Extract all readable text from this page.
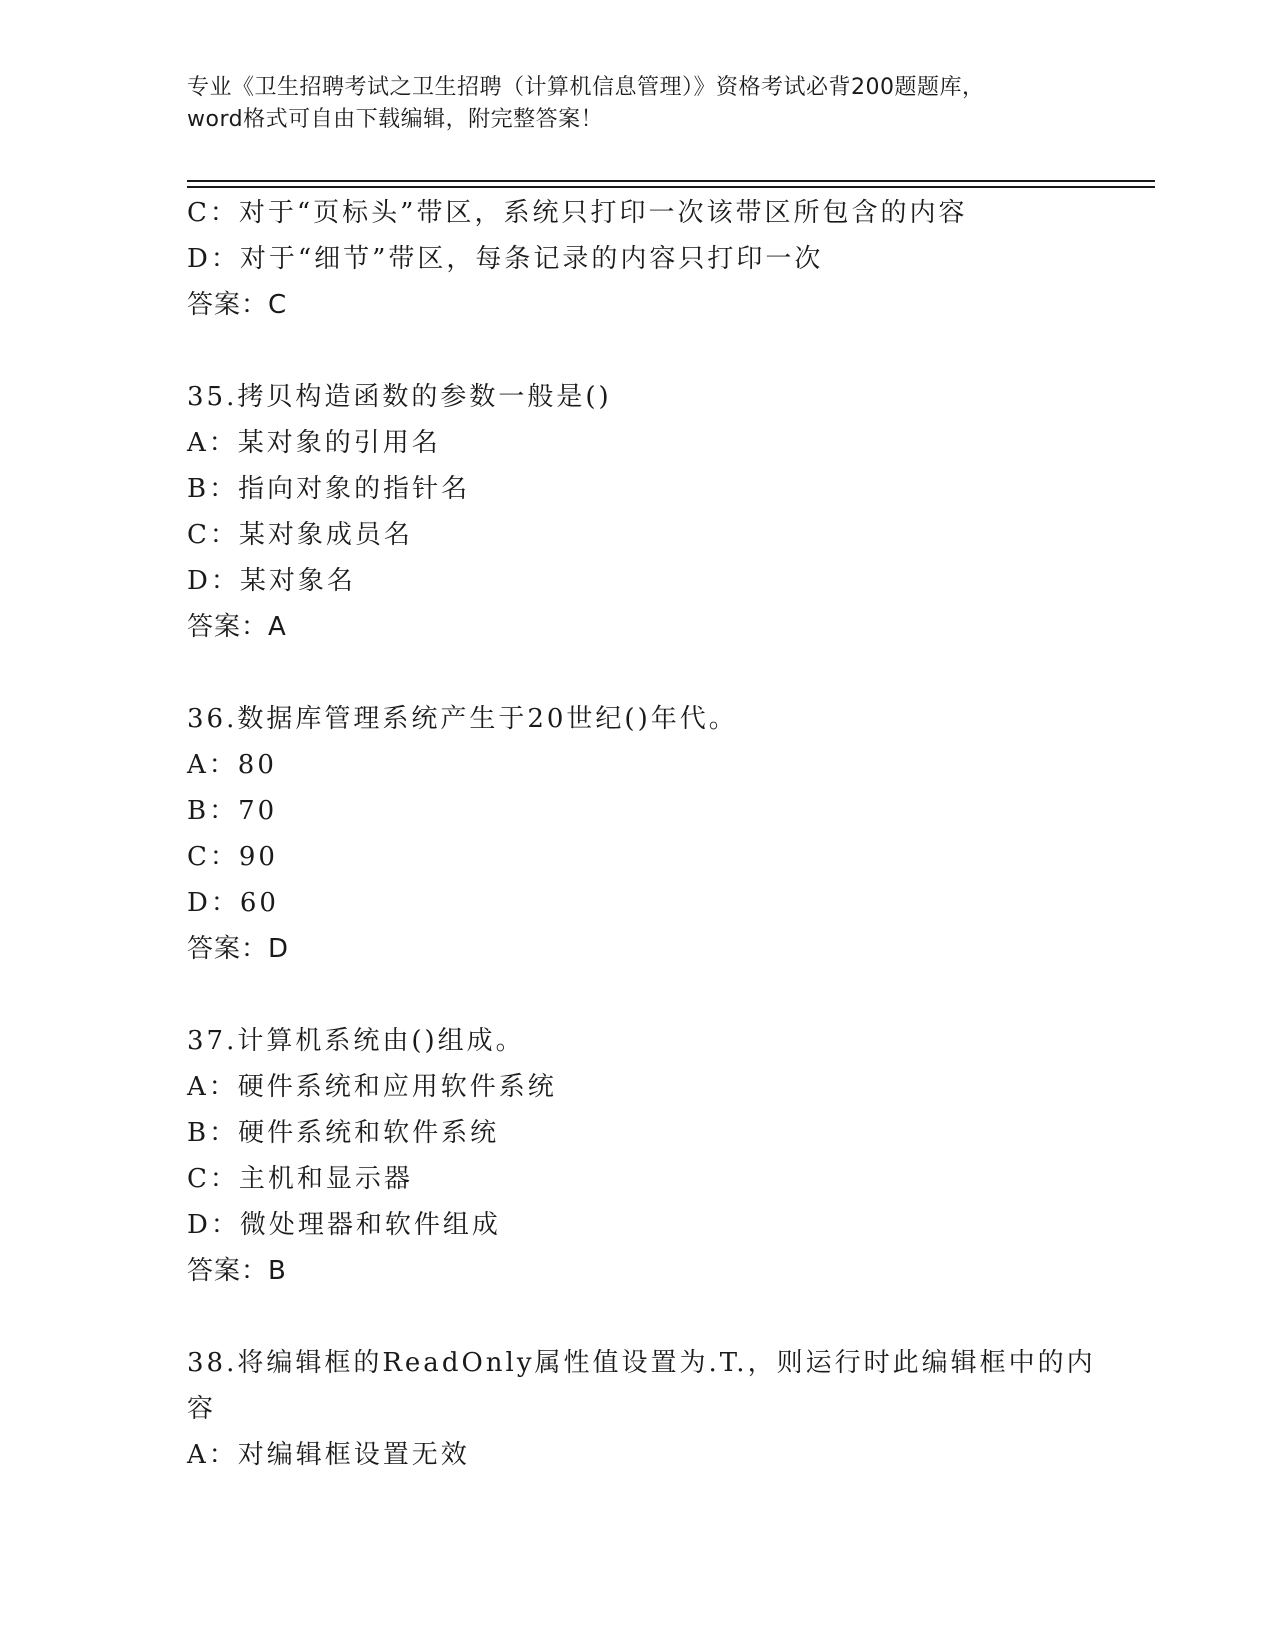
专业《卫生招聘考试之卫生招聘（计算机信息管理）》资格考试必背200题题库，
word格式可自由下载编辑，附完整答案！
C：对于“页标头”带区，系统只打印一次该带区所包含的内容
D：对于“细节”带区，每条记录的内容只打印一次
答案：C
35.拷贝构造函数的参数一般是()
A：某对象的引用名
B：指向对象的指针名
C：某对象成员名
D：某对象名
答案：A
36.数据库管理系统产生于20世纪()年代。
A：80
B：70
C：90
D：60
答案：D
37.计算机系统由()组成。
A：硬件系统和应用软件系统
B：硬件系统和软件系统
C：主机和显示器
D：微处理器和软件组成
答案：B
38.将编辑框的ReadOnly属性值设置为.T.，则运行时此编辑框中的内
容
A：对编辑框设置无效
